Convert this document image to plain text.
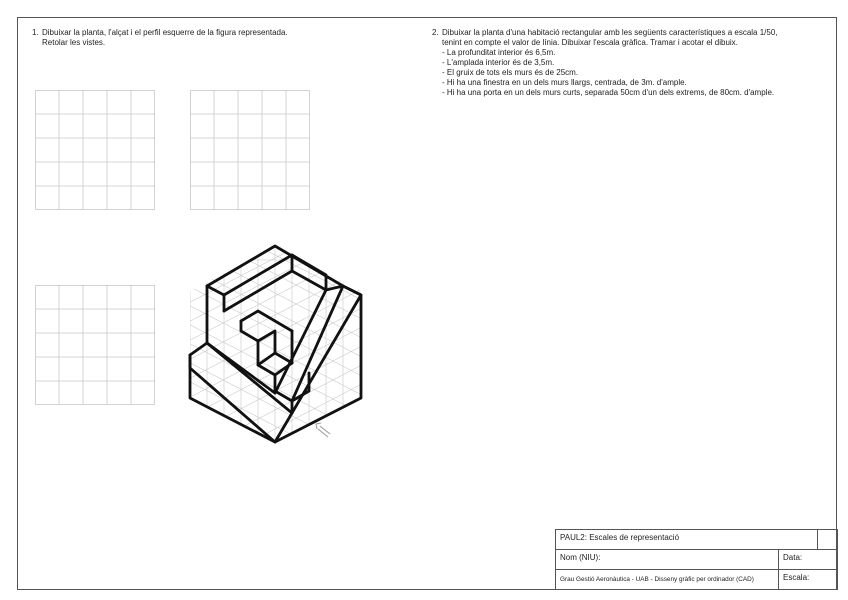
1. Dibuixar la planta, l'alçat i el perfil esquerre de la figura representada.
Retolar les vistes.
2. Dibuixar la planta d'una habitació rectangular amb les següents característiques a escala 1/50,
tenint en compte el valor de línia. Dibuixar l'escala gràfica. Tramar i acotar el dibuix.
- La profunditat interior és 6,5m.
- L'amplada interior és de 3,5m.
- El gruix de tots els murs és de 25cm.
- Hi ha una finestra en un dels murs llargs, centrada, de 3m. d'ample.
- Hi ha una porta en un dels murs curts, separada 50cm d'un dels extrems, de 80cm. d'ample.
PAUL2: Escales de representació
Nom (NIU):	Data:
Grau Gestió Aeronàutica - UAB - Disseny gràfic per ordinador (CAD)	Escala:
